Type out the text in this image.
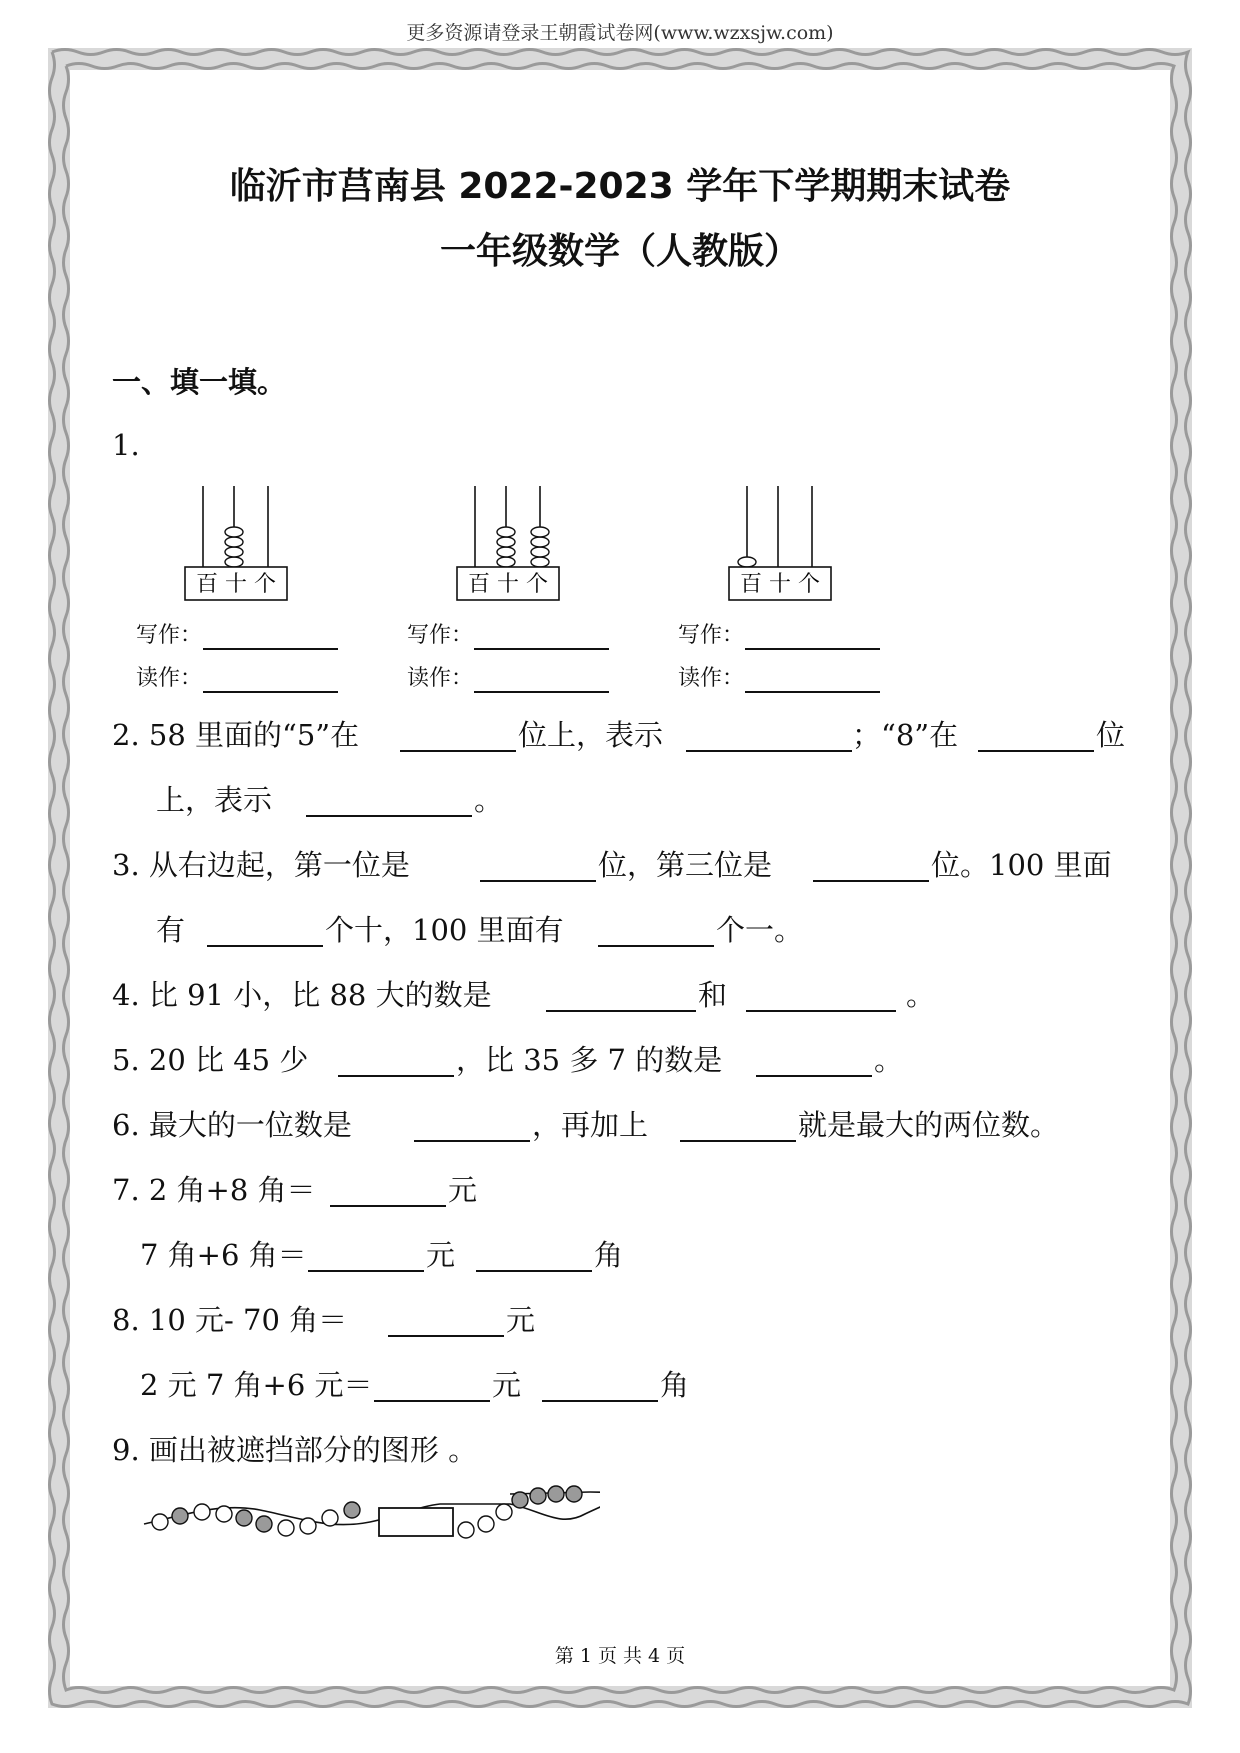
更多资源请登录王朝霞试卷网(www.wzxsjw.com)
临沂市莒南县 2022-2023 学年下学期期末试卷
一年级数学（人教版）
一、填一填。
1.
百 十 个	百 十 个	百 十 个
写作：
读作：
写作：
读作：
写作：
读作：
2. 58 里面的“5”在	位上，表示	；“8”在	位
上，表示	。
3. 从右边起，第一位是	位，第三位是	位。100 里面
有	个十，100 里面有	个一。
4. 比 91 小，比 88 大的数是	和	。
5. 20 比 45 少	，比 35 多 7 的数是	。
6. 最大的一位数是	，再加上	就是最大的两位数。
7. 2 角+8 角＝	元
7 角+6 角＝	元	角
8. 10 元- 70 角＝	元
2 元 7 角+6 元＝	元	角
9. 画出被遮挡部分的图形 。
第 1 页 共 4 页
